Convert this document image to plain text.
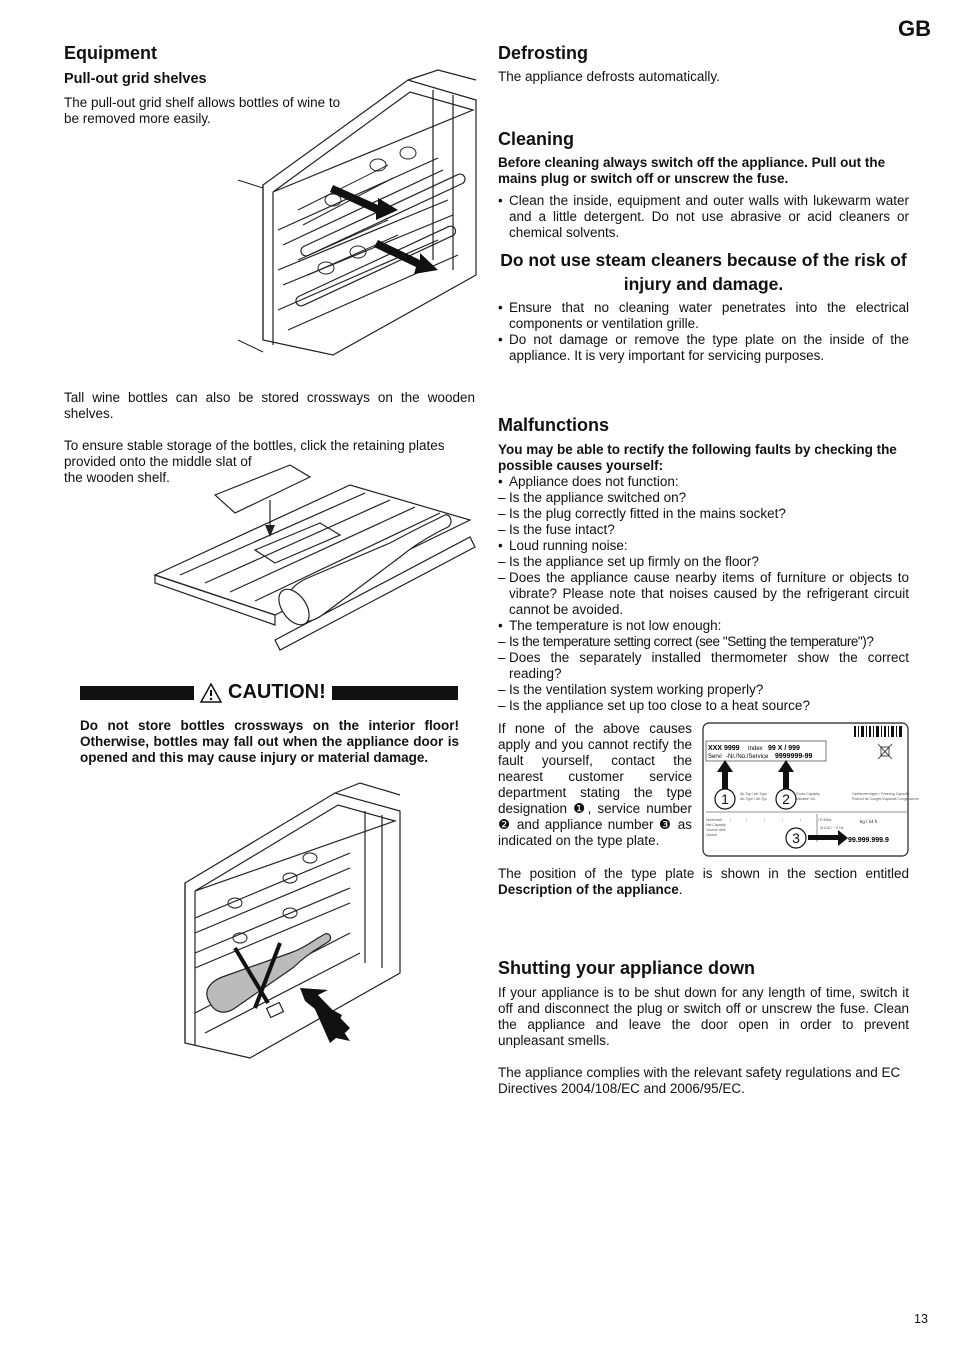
GB
Equipment
Pull-out grid shelves

The pull-out grid shelf allows bottles of wine to be removed more easily.

Tall wine bottles can also be stored crossways on the wooden shelves.

To ensure stable storage of the bottles, click the retaining plates provided onto the middle slat of

the wooden shelf.

CAUTION!

Do not store bottles crossways on the interior floor! Otherwise, bottles may fall out when the appliance door is opened and this may cause injury or material damage.

Defrosting

The appliance defrosts automatically.

Cleaning

Before cleaning always switch off the appliance. Pull out the mains plug or switch off or unscrew the fuse.

• Clean the inside, equipment and outer walls with lukewarm water and a little detergent. Do not use abrasive or acid cleaners or chemical solvents.
Do not use steam cleaners because of the risk of injury and damage.
• Ensure that no cleaning water penetrates into the electrical components or ventilation grille.
• Do not damage or remove the type plate on the inside of the appliance. It is very important for servicing purposes.
Malfunctions

You may be able to rectify the following faults by checking the possible causes yourself:

• Appliance does not function:
– Is the appliance switched on?
– Is the plug correctly fitted in the mains socket?
– Is the fuse intact?
• Loud running noise:
– Is the appliance set up firmly on the floor?
– Does the appliance cause nearby items of furniture or objects to vibrate? Please note that noises caused by the refrigerant circuit cannot be avoided.
• The temperature is not low enough:
– Is the temperature setting correct (see "Setting the temperature")?
– Does the separately installed thermometer show the correct reading?
– Is the ventilation system working properly?
– Is the appliance set up too close to a heat source?

If none of the above causes apply and you cannot rectify the fault yourself, contact the nearest customer service department stating the type designation ❶, service number ❷ and appliance number ❸ as indicated on the type plate.

XXX 9999 Index 99 X / 999
Servi -Nr./No./Service 9999999-99
Ab-Typ / Ab-Type
Ab-Type / Ab-Typ
Gross Capacity
Useable Vol.
Gefriervermögen / Freezing Capacity
Pouvoir de Congel./Capacità Congelazione
kg / 24 h
Nutzinhalt
Net Capacity
Volume Utile
Classe
l	l	l	l	l	l R 600a
W A AC ~ V Hz
1	2
3	99.999.999.9

The position of the type plate is shown in the section entitled Description of the appliance.

Shutting your appliance down

If your appliance is to be shut down for any length of time, switch it off and disconnect the plug or switch off or unscrew the fuse. Clean the appliance and leave the door open in order to prevent unpleasant smells.

The appliance complies with the relevant safety regulations and EC Directives 2004/108/EC and 2006/95/EC.

13
